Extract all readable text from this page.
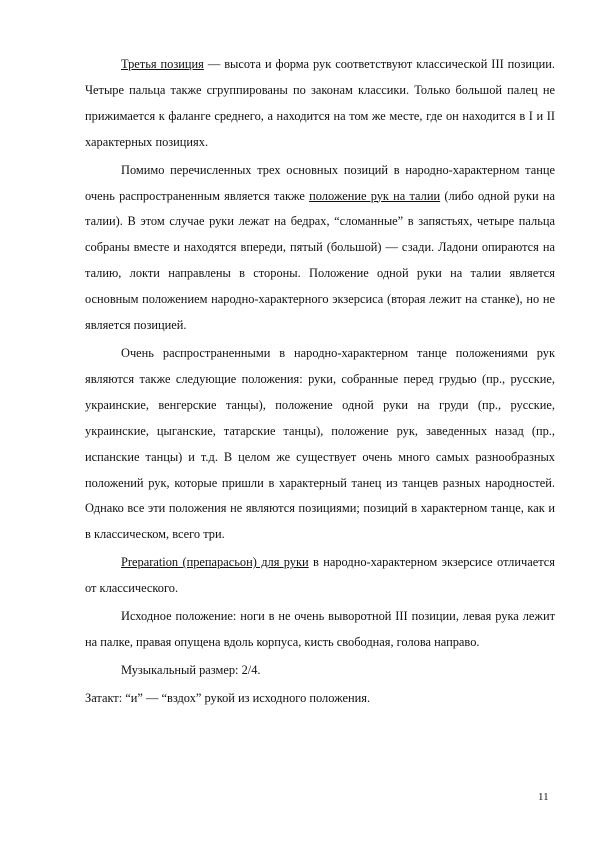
Третья позиция — высота и форма рук соответствуют классической III позиции. Четыре пальца также сгруппированы по законам классики. Только большой палец не прижимается к фаланге среднего, а находится на том же месте, где он находится в I и II характерных позициях.

Помимо перечисленных трех основных позиций в народно-характерном танце очень распространенным является также положение рук на талии (либо одной руки на талии). В этом случае руки лежат на бедрах, “сломанные” в запястьях, четыре пальца собраны вместе и находятся впереди, пятый (большой) — сзади. Ладони опираются на талию, локти направлены в стороны. Положение одной руки на талии является основным положением народно-характерного экзерсиса (вторая лежит на станке), но не является позицией.

Очень распространенными в народно-характерном танце положениями рук являются также следующие положения: руки, собранные перед грудью (пр., русские, украинские, венгерские танцы), положение одной руки на груди (пр., русские, украинские, цыганские, татарские танцы), положение рук, заведенных назад (пр., испанские танцы) и т.д. В целом же существует очень много самых разнообразных положений рук, которые пришли в характерный танец из танцев разных народностей. Однако все эти положения не являются позициями; позиций в характерном танце, как и в классическом, всего три.

Preparation (препарасьон) для руки в народно-характерном экзерсисе отличается от классического.

Исходное положение: ноги в не очень выворотной III позиции, левая рука лежит на палке, правая опущена вдоль корпуса, кисть свободная, голова направо.

Музыкальный размер: 2/4.

Затакт: “и” — “вздох” рукой из исходного положения.

11
